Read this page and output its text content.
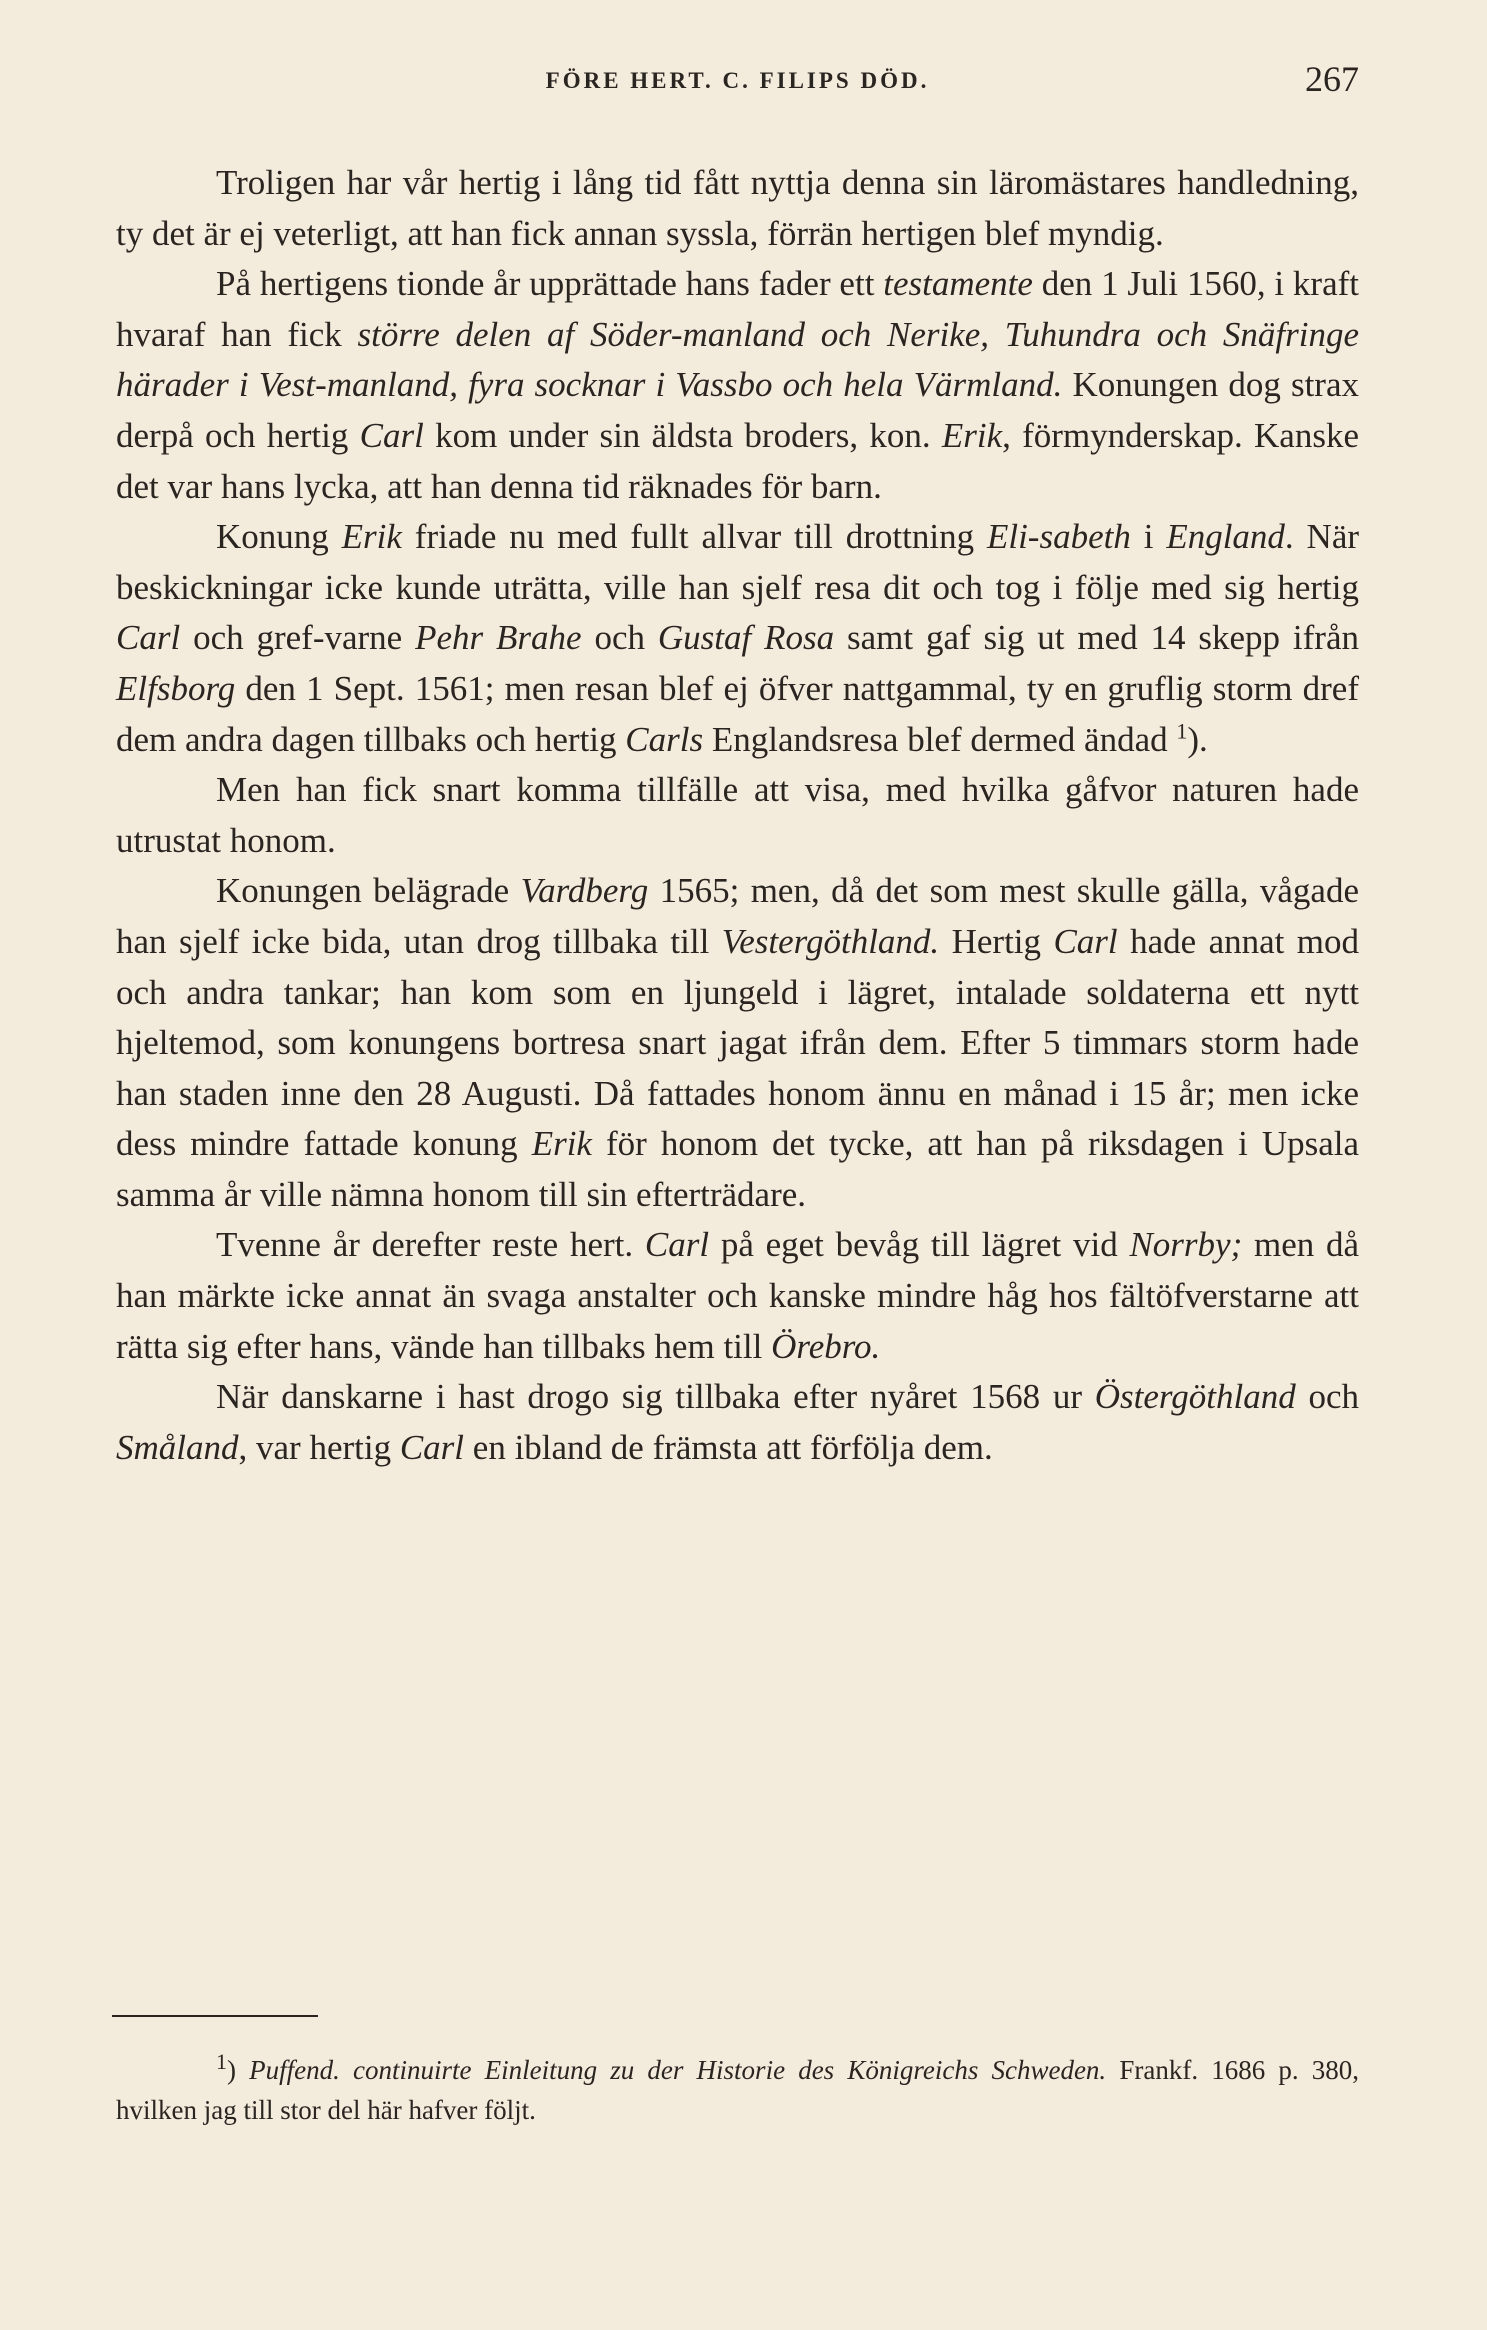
FÖRE HERT. C. FILIPS DÖD.	267

Troligen har vår hertig i lång tid fått nyttja denna sin läromästares handledning, ty det är ej veterligt, att han fick annan syssla, förrän hertigen blef myndig.

På hertigens tionde år upprättade hans fader ett testamente den 1 Juli 1560, i kraft hvaraf han fick större delen af Söder-manland och Nerike, Tuhundra och Snäfringe härader i Vest-manland, fyra socknar i Vassbo och hela Värmland. Konungen dog strax derpå och hertig Carl kom under sin äldsta broders, kon. Erik, förmynderskap. Kanske det var hans lycka, att han denna tid räknades för barn.

Konung Erik friade nu med fullt allvar till drottning Eli-sabeth i England. När beskickningar icke kunde uträtta, ville han sjelf resa dit och tog i följe med sig hertig Carl och gref-varne Pehr Brahe och Gustaf Rosa samt gaf sig ut med 14 skepp ifrån Elfsborg den 1 Sept. 1561; men resan blef ej öfver nattgammal, ty en gruflig storm dref dem andra dagen tillbaks och hertig Carls Englandsresa blef dermed ändad $^1$).

Men han fick snart komma tillfälle att visa, med hvilka gåfvor naturen hade utrustat honom.

Konungen belägrade Vardberg 1565; men, då det som mest skulle gälla, vågade han sjelf icke bida, utan drog tillbaka till Vestergöthland. Hertig Carl hade annat mod och andra tankar; han kom som en ljungeld i lägret, intalade soldaterna ett nytt hjeltemod, som konungens bortresa snart jagat ifrån dem. Efter 5 timmars storm hade han staden inne den 28 Augusti. Då fattades honom ännu en månad i 15 år; men icke dess mindre fattade konung Erik för honom det tycke, att han på riksdagen i Upsala samma år ville nämna honom till sin efterträdare.

Tvenne år derefter reste hert. Carl på eget bevåg till lägret vid Norrby; men då han märkte icke annat än svaga anstalter och kanske mindre håg hos fältöfverstarne att rätta sig efter hans, vände han tillbaks hem till Örebro.

När danskarne i hast drogo sig tillbaka efter nyåret 1568 ur Östergöthland och Småland, var hertig Carl en ibland de främsta att förfölja dem.

$^1$) Puffend. continuirte Einleitung zu der Historie des Königreichs Schweden. Frankf. 1686 p. 380, hvilken jag till stor del här hafver följt.
